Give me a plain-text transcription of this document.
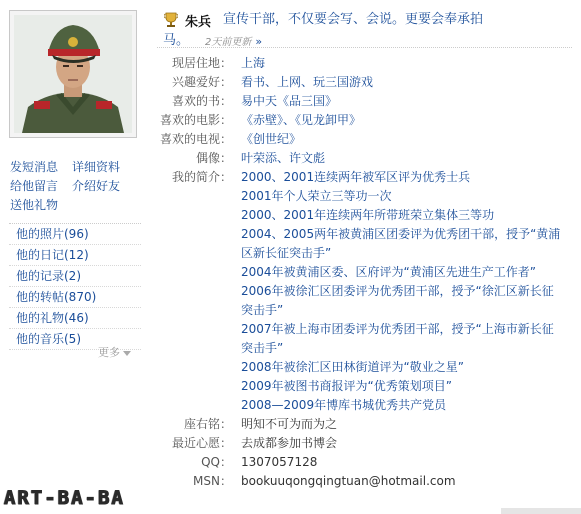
发短消息 详细资料
给他留言 介绍好友
送他礼物
他的照片(96)
他的日记(12)
他的记录(2)
他的转帖(870)
他的礼物(46)
他的音乐(5)
更多
ART-BA-BA
朱兵 宣传干部，不仅要会写、会说。更要会奉承拍
马。 2天前更新 »
现居住地： 上海
兴趣爱好： 看书、上网、玩三国游戏
喜欢的书： 易中天《品三国》
喜欢的电影： 《赤壁》、《见龙卸甲》
喜欢的电视： 《创世纪》
偶像： 叶荣添、许文彪
我的简介： 2000、2001连续两年被军区评为优秀士兵
2001年个人荣立三等功一次
2000、2001年连续两年所带班荣立集体三等功
2004、2005两年被黄浦区团委评为优秀团干部，授予“黄浦区新长征突击手”
2004年被黄浦区委、区府评为“黄浦区先进生产工作者”
2006年被徐汇区团委评为优秀团干部，授予“徐汇区新长征突击手”
2007年被上海市团委评为优秀团干部，授予“上海市新长征突击手”
2008年被徐汇区田林街道评为“敬业之星”
2009年被图书商报评为“优秀策划项目”
2008—2009年博库书城优秀共产党员
座右铭： 明知不可为而为之
最近心愿： 去成都参加书博会
QQ： 1307057128
MSN： bookuuqongqingtuan@hotmail.com
